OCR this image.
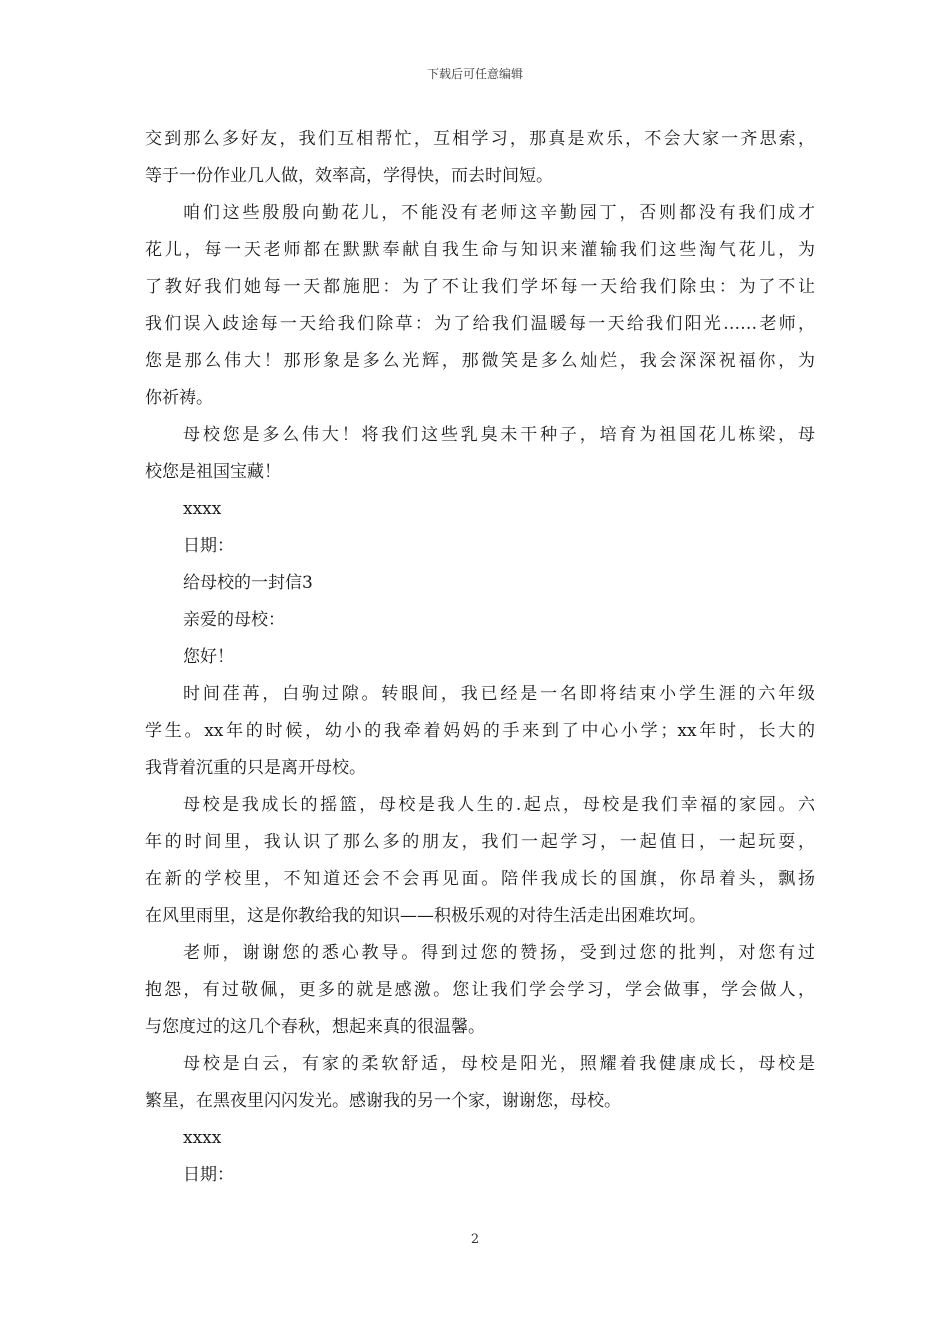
下载后可任意编辑
交到那么多好友，我们互相帮忙，互相学习，那真是欢乐，不会大家一齐思索，
等于一份作业几人做，效率高，学得快，而去时间短。
咱们这些殷殷向勤花儿，不能没有老师这辛勤园丁，否则都没有我们成才
花儿，每一天老师都在默默奉献自我生命与知识来灌输我们这些淘气花儿，为
了教好我们她每一天都施肥：为了不让我们学坏每一天给我们除虫：为了不让
我们误入歧途每一天给我们除草：为了给我们温暖每一天给我们阳光……老师，
您是那么伟大！那形象是多么光辉，那微笑是多么灿烂，我会深深祝福你，为
你祈祷。
母校您是多么伟大！将我们这些乳臭未干种子，培育为祖国花儿栋梁，母
校您是祖国宝藏！
xxxx
日期：
给母校的一封信3
亲爱的母校：
您好！
时间荏苒，白驹过隙。转眼间，我已经是一名即将结束小学生涯的六年级
学生。xx年的时候，幼小的我牵着妈妈的手来到了中心小学；xx年时，长大的
我背着沉重的只是离开母校。
母校是我成长的摇篮，母校是我人生的.起点，母校是我们幸福的家园。六
年的时间里，我认识了那么多的朋友，我们一起学习，一起值日，一起玩耍，
在新的学校里，不知道还会不会再见面。陪伴我成长的国旗，你昂着头，飘扬
在风里雨里，这是你教给我的知识——积极乐观的对待生活走出困难坎坷。
老师，谢谢您的悉心教导。得到过您的赞扬，受到过您的批判，对您有过
抱怨，有过敬佩，更多的就是感激。您让我们学会学习，学会做事，学会做人，
与您度过的这几个春秋，想起来真的很温馨。
母校是白云，有家的柔软舒适，母校是阳光，照耀着我健康成长，母校是
繁星，在黑夜里闪闪发光。感谢我的另一个家，谢谢您，母校。
xxxx
日期：
2
